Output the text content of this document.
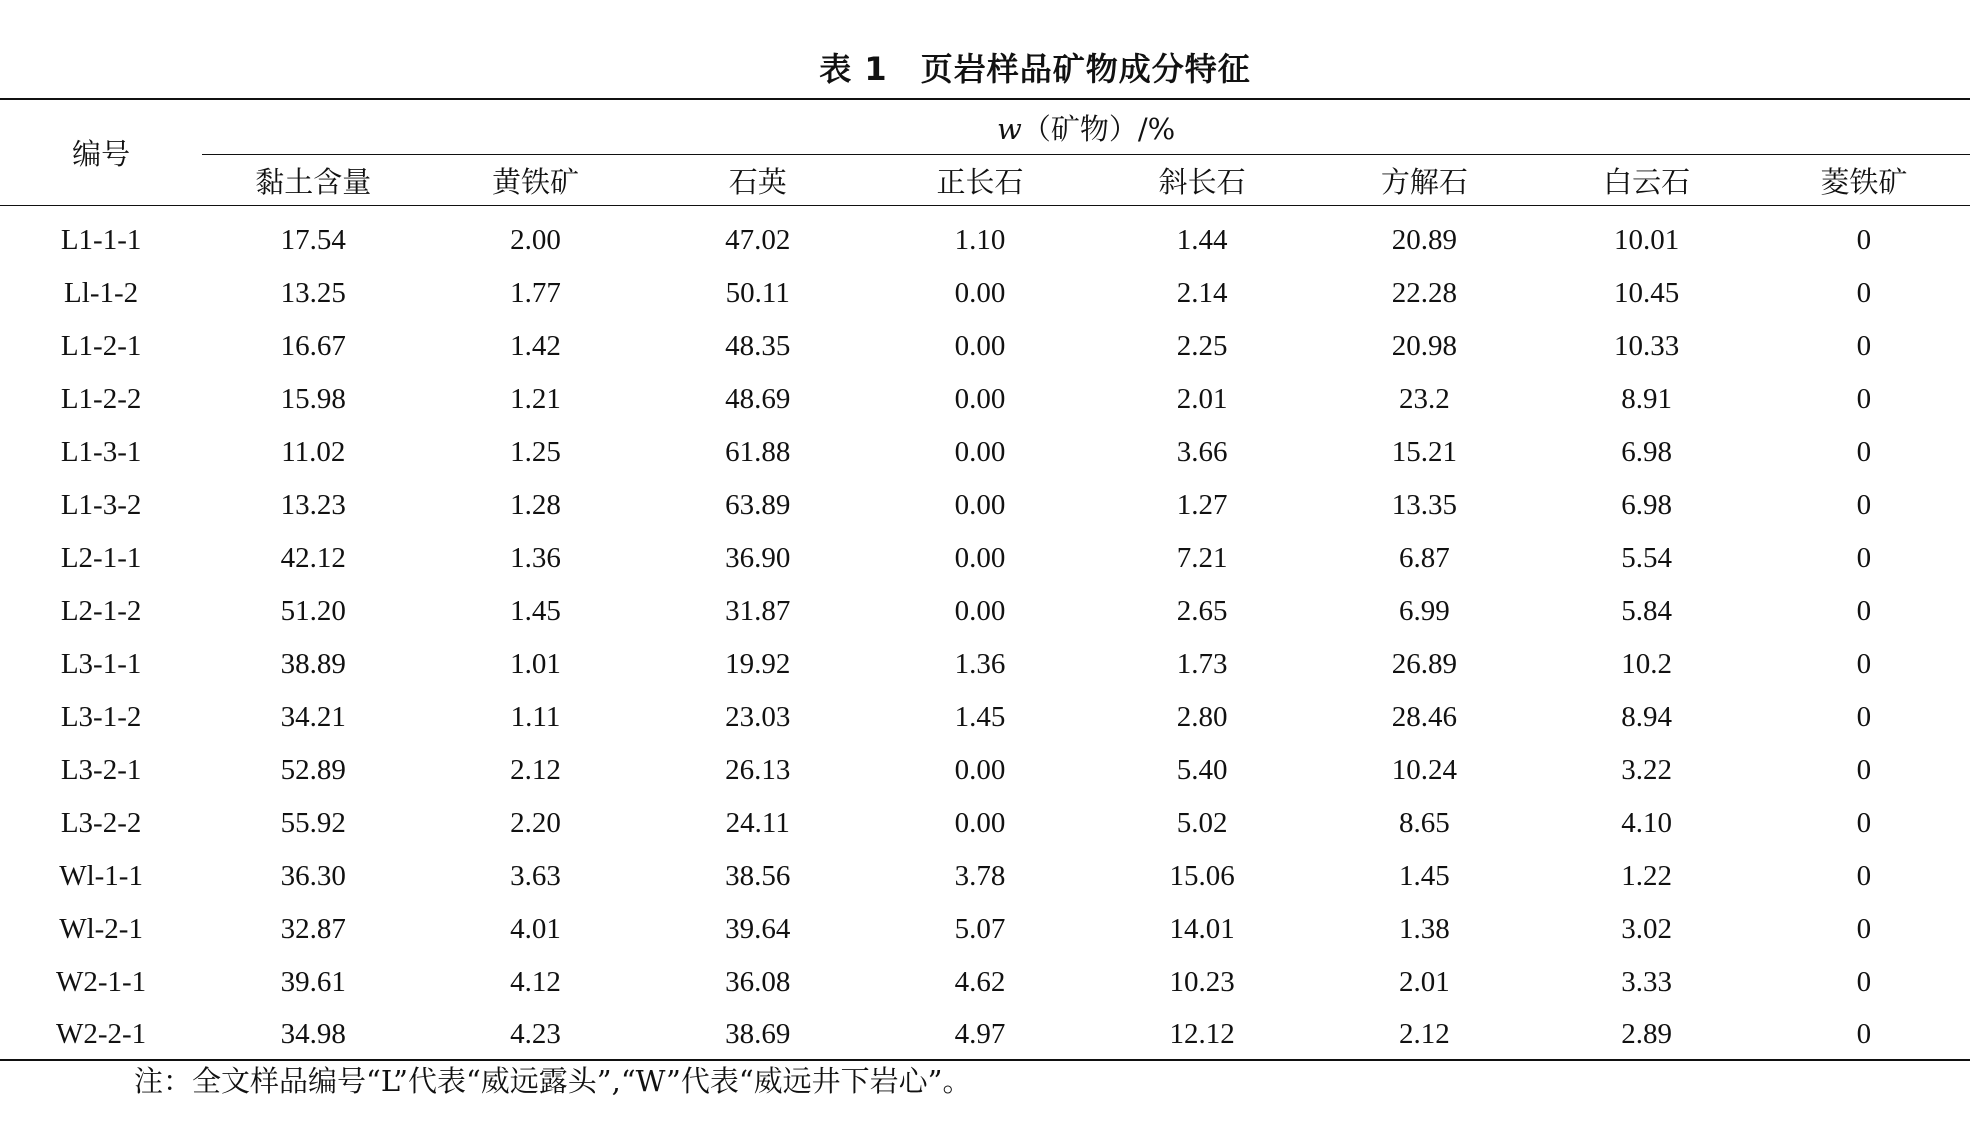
表 1　页岩样品矿物成分特征
编号	w（矿物）/%							
	黏土含量	黄铁矿	石英	正长石	斜长石	方解石	白云石	菱铁矿
L1-1-1	17.54	2.00	47.02	1.10	1.44	20.89	10.01	0
Ll-1-2	13.25	1.77	50.11	0.00	2.14	22.28	10.45	0
L1-2-1	16.67	1.42	48.35	0.00	2.25	20.98	10.33	0
L1-2-2	15.98	1.21	48.69	0.00	2.01	23.2	8.91	0
L1-3-1	11.02	1.25	61.88	0.00	3.66	15.21	6.98	0
L1-3-2	13.23	1.28	63.89	0.00	1.27	13.35	6.98	0
L2-1-1	42.12	1.36	36.90	0.00	7.21	6.87	5.54	0
L2-1-2	51.20	1.45	31.87	0.00	2.65	6.99	5.84	0
L3-1-1	38.89	1.01	19.92	1.36	1.73	26.89	10.2	0
L3-1-2	34.21	1.11	23.03	1.45	2.80	28.46	8.94	0
L3-2-1	52.89	2.12	26.13	0.00	5.40	10.24	3.22	0
L3-2-2	55.92	2.20	24.11	0.00	5.02	8.65	4.10	0
Wl-1-1	36.30	3.63	38.56	3.78	15.06	1.45	1.22	0
Wl-2-1	32.87	4.01	39.64	5.07	14.01	1.38	3.02	0
W2-1-1	39.61	4.12	36.08	4.62	10.23	2.01	3.33	0
W2-2-1	34.98	4.23	38.69	4.97	12.12	2.12	2.89	0
注：全文样品编号“L”代表“威远露头”,“W”代表“威远井下岩心”。
